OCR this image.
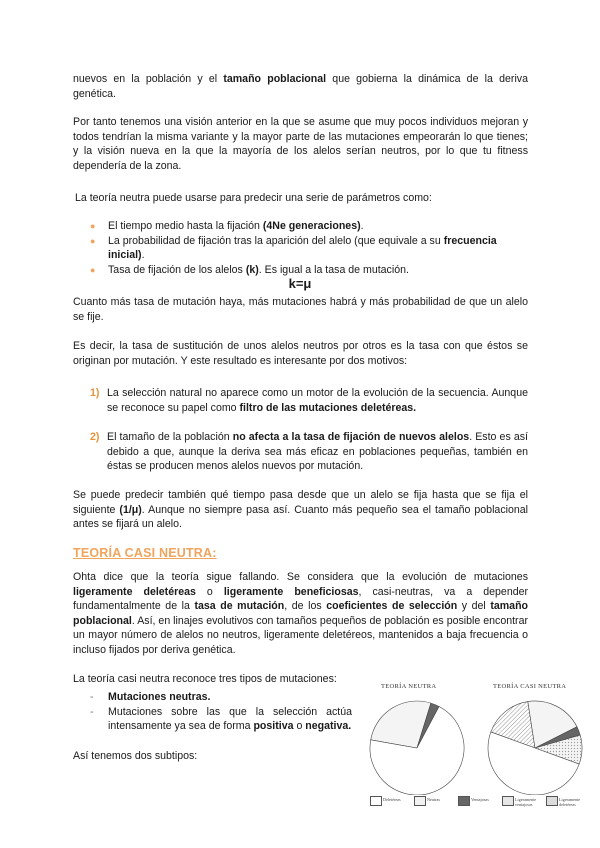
nuevos en la población y el tamaño poblacional que gobierna la dinámica de la deriva genética.
Por tanto tenemos una visión anterior en la que se asume que muy pocos individuos mejoran y todos tendrían la misma variante y la mayor parte de las mutaciones empeorarán lo que tienes; y la visión nueva en la que la mayoría de los alelos serían neutros, por lo que tu fitness dependería de la zona.
La teoría neutra puede usarse para predecir una serie de parámetros como:
● El tiempo medio hasta la fijación (4Ne generaciones).
● La probabilidad de fijación tras la aparición del alelo (que equivale a su frecuencia inicial).
● Tasa de fijación de los alelos (k). Es igual a la tasa de mutación.
k=μ
Cuanto más tasa de mutación haya, más mutaciones habrá y más probabilidad de que un alelo se fije.
Es decir, la tasa de sustitución de unos alelos neutros por otros es la tasa con que éstos se originan por mutación. Y este resultado es interesante por dos motivos:
1) La selección natural no aparece como un motor de la evolución de la secuencia. Aunque se reconoce su papel como filtro de las mutaciones deletéreas.
2) El tamaño de la población no afecta a la tasa de fijación de nuevos alelos. Esto es así debido a que, aunque la deriva sea más eficaz en poblaciones pequeñas, también en éstas se producen menos alelos nuevos por mutación.
Se puede predecir también qué tiempo pasa desde que un alelo se fija hasta que se fija el siguiente (1/μ). Aunque no siempre pasa así. Cuanto más pequeño sea el tamaño poblacional antes se fijará un alelo.
TEORÍA CASI NEUTRA:
Ohta dice que la teoría sigue fallando. Se considera que la evolución de mutaciones ligeramente deletéreas o ligeramente beneficiosas, casi-neutras, va a depender fundamentalmente de la tasa de mutación, de los coeficientes de selección y del tamaño poblacional. Así, en linajes evolutivos con tamaños pequeños de población es posible encontrar un mayor número de alelos no neutros, ligeramente deletéreos, mantenidos a baja frecuencia o incluso fijados por deriva genética.
La teoría casi neutra reconoce tres tipos de mutaciones:
- Mutaciones neutras.
- Mutaciones sobre las que la selección actúa intensamente ya sea de forma positiva o negativa.
Así tenemos dos subtipos:
TEORÍA NEUTRA	TEORÍA CASI NEUTRA
Deletéreas	Neutras	Ventajosas	Ligeramente ventajosas
Ligeramente deletéreas
